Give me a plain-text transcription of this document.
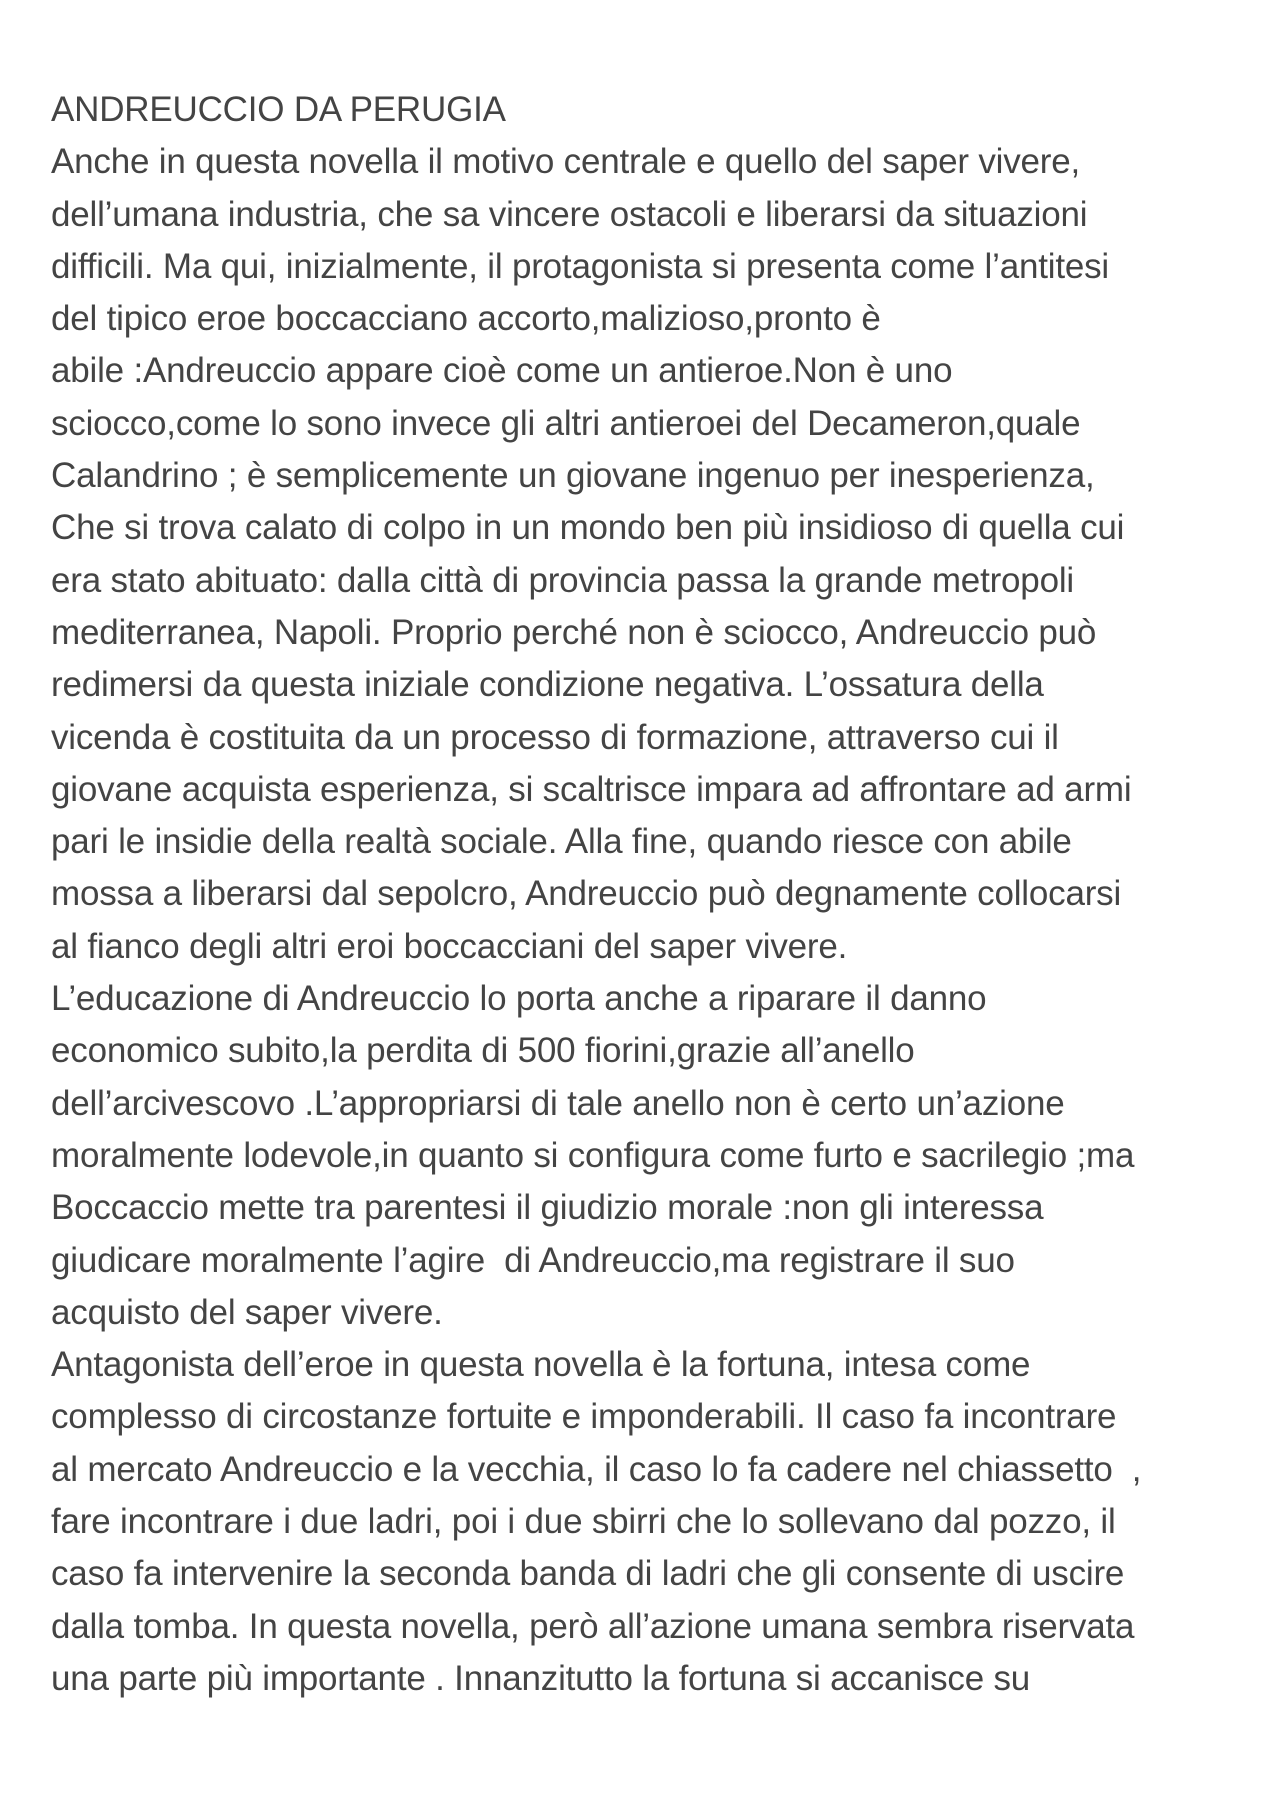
ANDREUCCIO DA PERUGIA
Anche in questa novella il motivo centrale e quello del saper vivere,
dell’umana industria, che sa vincere ostacoli e liberarsi da situazioni
difficili. Ma qui, inizialmente, il protagonista si presenta come l’antitesi
del tipico eroe boccacciano accorto,malizioso,pronto è
abile :Andreuccio appare cioè come un antieroe.Non è uno
sciocco,come lo sono invece gli altri antieroei del Decameron,quale
Calandrino ; è semplicemente un giovane ingenuo per inesperienza,
Che si trova calato di colpo in un mondo ben più insidioso di quella cui
era stato abituato: dalla città di provincia passa la grande metropoli
mediterranea, Napoli. Proprio perché non è sciocco, Andreuccio può
redimersi da questa iniziale condizione negativa. L’ossatura della
vicenda è costituita da un processo di formazione, attraverso cui il
giovane acquista esperienza, si scaltrisce impara ad affrontare ad armi
pari le insidie della realtà sociale. Alla fine, quando riesce con abile
mossa a liberarsi dal sepolcro, Andreuccio può degnamente collocarsi
al fianco degli altri eroi boccacciani del saper vivere.
L’educazione di Andreuccio lo porta anche a riparare il danno
economico subito,la perdita di 500 fiorini,grazie all’anello
dell’arcivescovo .L’appropriarsi di tale anello non è certo un’azione
moralmente lodevole,in quanto si configura come furto e sacrilegio ;ma
Boccaccio mette tra parentesi il giudizio morale :non gli interessa
giudicare moralmente l’agire  di Andreuccio,ma registrare il suo
acquisto del saper vivere.
Antagonista dell’eroe in questa novella è la fortuna, intesa come
complesso di circostanze fortuite e imponderabili. Il caso fa incontrare
al mercato Andreuccio e la vecchia, il caso lo fa cadere nel chiassetto  ,
fare incontrare i due ladri, poi i due sbirri che lo sollevano dal pozzo, il
caso fa intervenire la seconda banda di ladri che gli consente di uscire
dalla tomba. In questa novella, però all’azione umana sembra riservata
una parte più importante . Innanzitutto la fortuna si accanisce su
